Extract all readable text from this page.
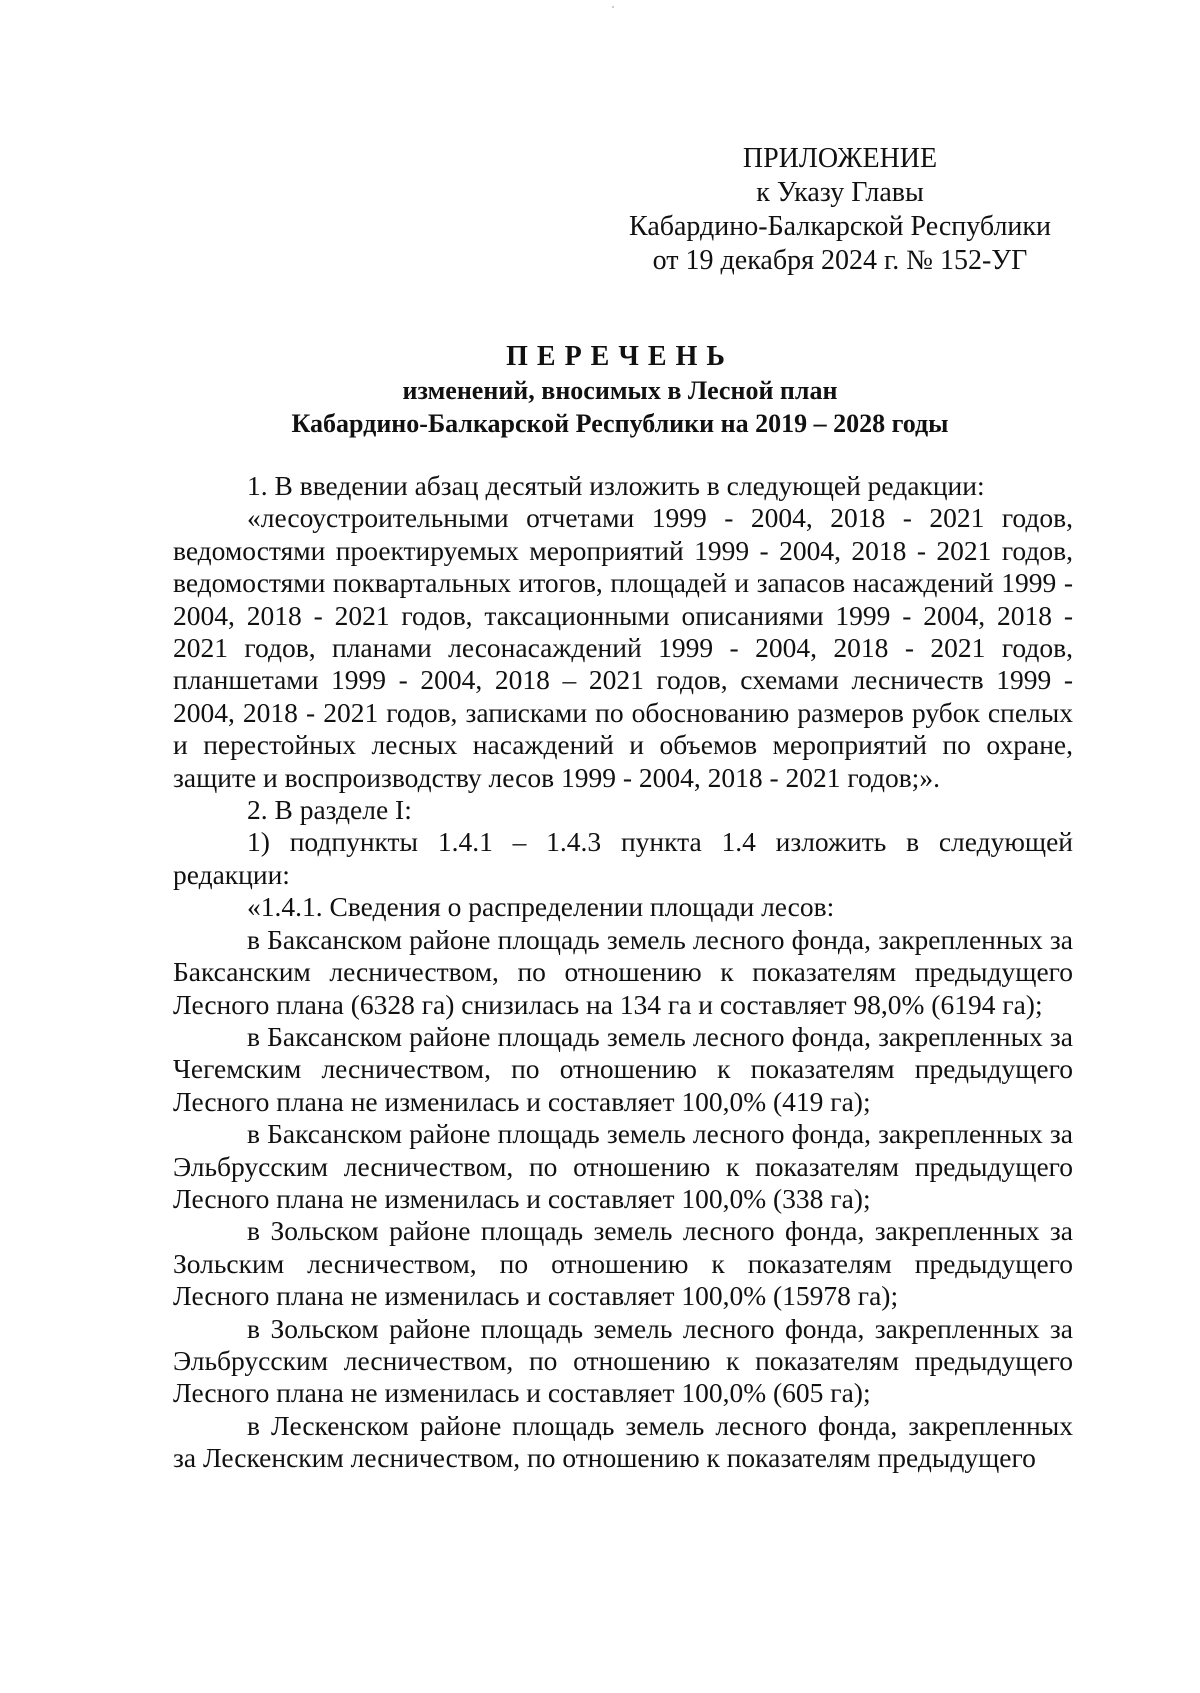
ПРИЛОЖЕНИЕ
к Указу Главы
Кабардино-Балкарской Республики
от 19 декабря 2024 г. № 152-УГ
ПЕРЕЧЕНЬ
изменений, вносимых в Лесной план
Кабардино-Балкарской Республики на 2019 – 2028 годы

1. В введении абзац десятый изложить в следующей редакции:

«лесоустроительными отчетами 1999 - 2004, 2018 - 2021 годов, ведомостями проектируемых мероприятий 1999 - 2004, 2018 - 2021 годов, ведомостями поквартальных итогов, площадей и запасов насаждений 1999 - 2004, 2018 - 2021 годов, таксационными описаниями 1999 - 2004, 2018 - 2021 годов, планами лесонасаждений 1999 - 2004, 2018 - 2021 годов, планшетами 1999 - 2004, 2018 – 2021 годов, схемами лесничеств 1999 - 2004, 2018 - 2021 годов, записками по обоснованию размеров рубок спелых и перестойных лесных насаждений и объемов мероприятий по охране, защите и воспроизводству лесов 1999 - 2004, 2018 - 2021 годов;».

2. В разделе I:

1) подпункты 1.4.1 – 1.4.3 пункта 1.4 изложить в следующей редакции:

«1.4.1. Сведения о распределении площади лесов:

в Баксанском районе площадь земель лесного фонда, закрепленных за Баксанским лесничеством, по отношению к показателям предыдущего Лесного плана (6328 га) снизилась на 134 га и составляет 98,0% (6194 га);

в Баксанском районе площадь земель лесного фонда, закрепленных за Чегемским лесничеством, по отношению к показателям предыдущего Лесного плана не изменилась и составляет 100,0% (419 га);

в Баксанском районе площадь земель лесного фонда, закрепленных за Эльбрусским лесничеством, по отношению к показателям предыдущего Лесного плана не изменилась и составляет 100,0% (338 га);

в Зольском районе площадь земель лесного фонда, закрепленных за Зольским лесничеством, по отношению к показателям предыдущего Лесного плана не изменилась и составляет 100,0% (15978 га);

в Зольском районе площадь земель лесного фонда, закрепленных за Эльбрусским лесничеством, по отношению к показателям предыдущего Лесного плана не изменилась и составляет 100,0% (605 га);

в Лескенском районе площадь земель лесного фонда, закрепленных за Лескенским лесничеством, по отношению к показателям предыдущего
